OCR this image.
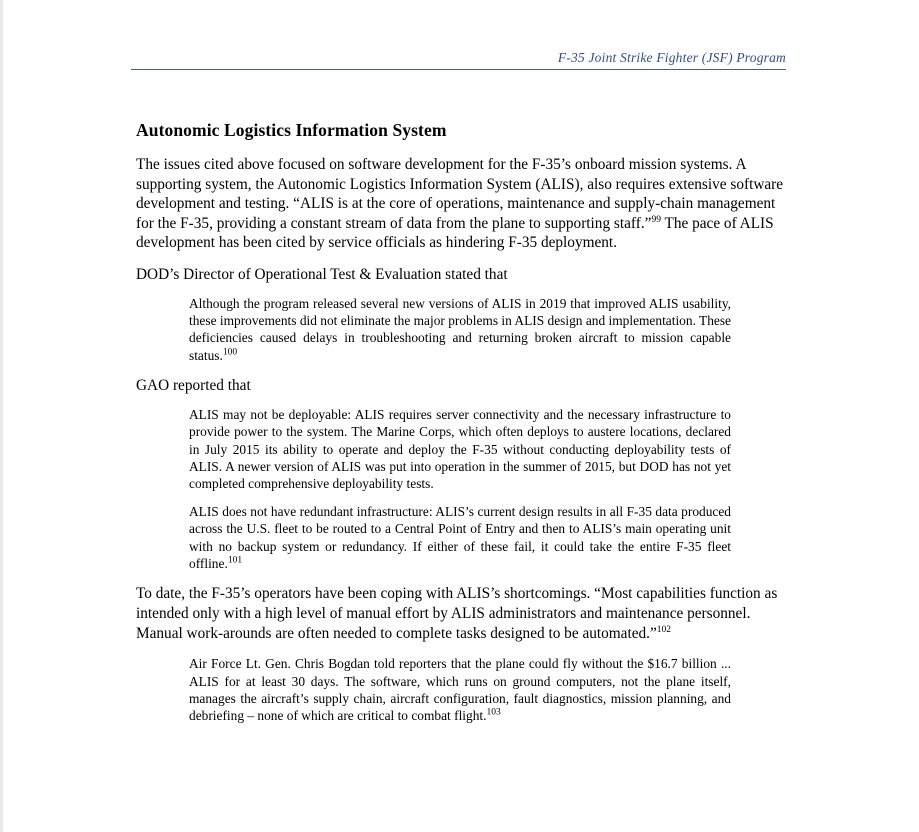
F-35 Joint Strike Fighter (JSF) Program
Autonomic Logistics Information System

The issues cited above focused on software development for the F-35’s onboard mission systems. A supporting system, the Autonomic Logistics Information System (ALIS), also requires extensive software development and testing. “ALIS is at the core of operations, maintenance and supply-chain management for the F-35, providing a constant stream of data from the plane to supporting staff.”$^{99}$ The pace of ALIS development has been cited by service officials as hindering F-35 deployment.

DOD’s Director of Operational Test & Evaluation stated that

Although the program released several new versions of ALIS in 2019 that improved ALIS usability, these improvements did not eliminate the major problems in ALIS design and implementation. These deficiencies caused delays in troubleshooting and returning broken aircraft to mission capable status.$^{100}$

GAO reported that

ALIS may not be deployable: ALIS requires server connectivity and the necessary infrastructure to provide power to the system. The Marine Corps, which often deploys to austere locations, declared in July 2015 its ability to operate and deploy the F-35 without conducting deployability tests of ALIS. A newer version of ALIS was put into operation in the summer of 2015, but DOD has not yet completed comprehensive deployability tests.

ALIS does not have redundant infrastructure: ALIS’s current design results in all F-35 data produced across the U.S. fleet to be routed to a Central Point of Entry and then to ALIS’s main operating unit with no backup system or redundancy. If either of these fail, it could take the entire F-35 fleet offline.$^{101}$

To date, the F-35’s operators have been coping with ALIS’s shortcomings. “Most capabilities function as intended only with a high level of manual effort by ALIS administrators and maintenance personnel. Manual work-arounds are often needed to complete tasks designed to be automated.”$^{102}$

Air Force Lt. Gen. Chris Bogdan told reporters that the plane could fly without the $16.7 billion ... ALIS for at least 30 days. The software, which runs on ground computers, not the plane itself, manages the aircraft’s supply chain, aircraft configuration, fault diagnostics, mission planning, and debriefing – none of which are critical to combat flight.$^{103}$
